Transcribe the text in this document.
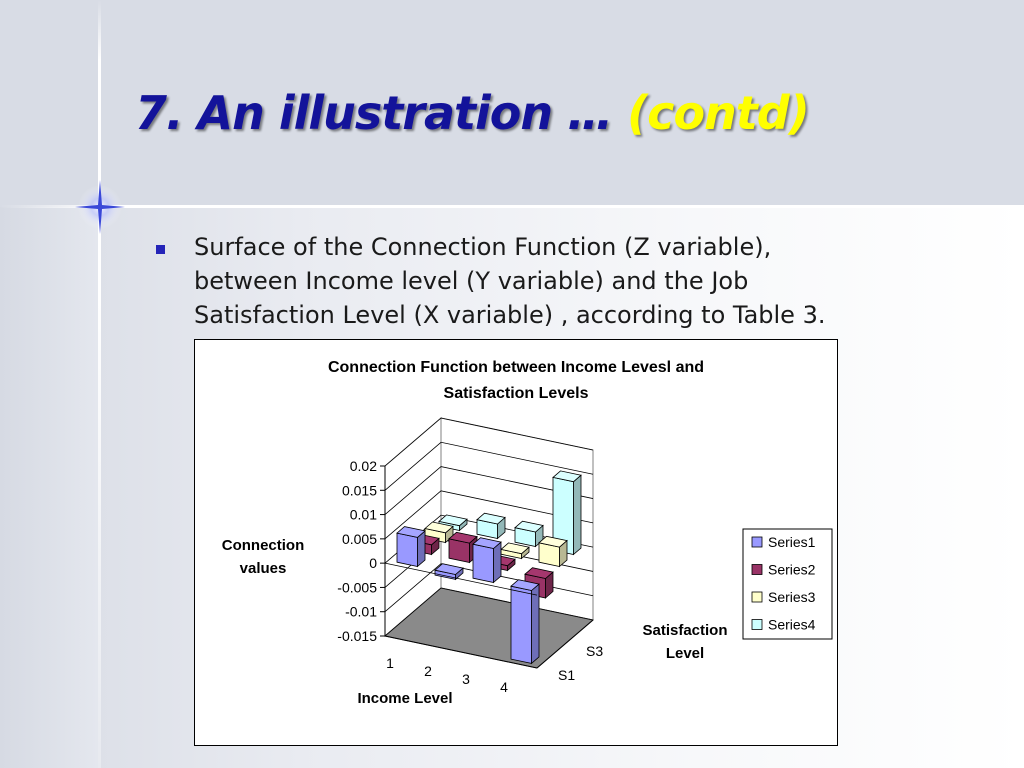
7. An illustration … (contd)
Surface of the Connection Function (Z variable), between Income level (Y variable) and the Job Satisfaction Level (X variable) , according to Table 3.
Connection Function between Income Levesl and
Satisfaction Levels
0.02
0.015
0.01
0.005
0
-0.005
-0.01
-0.015
1 2 3 4
S1
S3
Connection
values
Income Level
Satisfaction
Level
Series1
Series2
Series3
Series4
